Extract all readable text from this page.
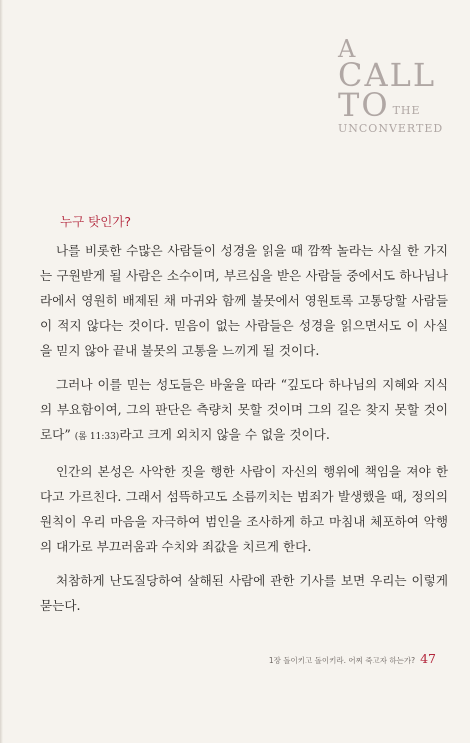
A
CALL
TO THE
UNCONVERTED
누구 탓인가?

나를 비롯한 수많은 사람들이 성경을 읽을 때 깜짝 놀라는 사실 한 가지는 구원받게 될 사람은 소수이며, 부르심을 받은 사람들 중에서도 하나님나라에서 영원히 배제된 채 마귀와 함께 불못에서 영원토록 고통당할 사람들이 적지 않다는 것이다. 믿음이 없는 사람들은 성경을 읽으면서도 이 사실을 믿지 않아 끝내 불못의 고통을 느끼게 될 것이다.

그러나 이를 믿는 성도들은 바울을 따라 “깊도다 하나님의 지혜와 지식의 부요함이여, 그의 판단은 측량치 못할 것이며 그의 길은 찾지 못할 것이로다” (롬 11:33)라고 크게 외치지 않을 수 없을 것이다.

인간의 본성은 사악한 짓을 행한 사람이 자신의 행위에 책임을 져야 한다고 가르친다. 그래서 섬뜩하고도 소름끼치는 범죄가 발생했을 때, 정의의 원칙이 우리 마음을 자극하여 범인을 조사하게 하고 마침내 체포하여 악행의 대가로 부끄러움과 수치와 죄값을 치르게 한다.

처참하게 난도질당하여 살해된 사람에 관한 기사를 보면 우리는 이렇게 묻는다.

1장 돌이키고 돌이키라. 어찌 죽고자 하는가? 47
